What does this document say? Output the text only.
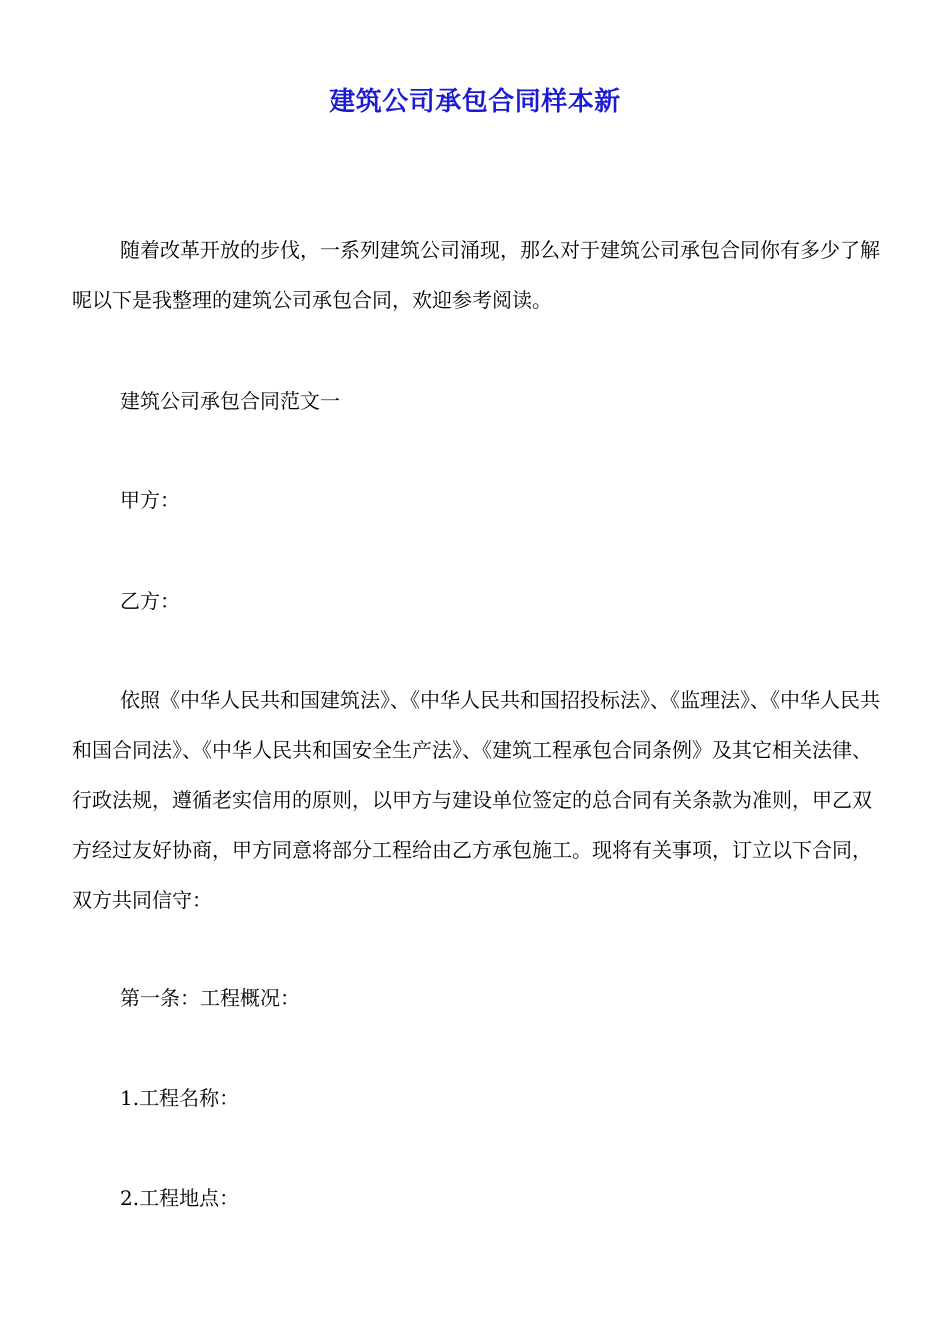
建筑公司承包合同样本新

随着改革开放的步伐，一系列建筑公司涌现，那么对于建筑公司承包合同你有多少了解呢以下是我整理的建筑公司承包合同，欢迎参考阅读。

建筑公司承包合同范文一

甲方：

乙方：

依照《中华人民共和国建筑法》、《中华人民共和国招投标法》、《监理法》、《中华人民共和国合同法》、《中华人民共和国安全生产法》、《建筑工程承包合同条例》及其它相关法律、行政法规，遵循老实信用的原则，以甲方与建设单位签定的总合同有关条款为准则，甲乙双方经过友好协商，甲方同意将部分工程给由乙方承包施工。现将有关事项，订立以下合同，双方共同信守：

第一条：工程概况：

1.工程名称：

2.工程地点：
